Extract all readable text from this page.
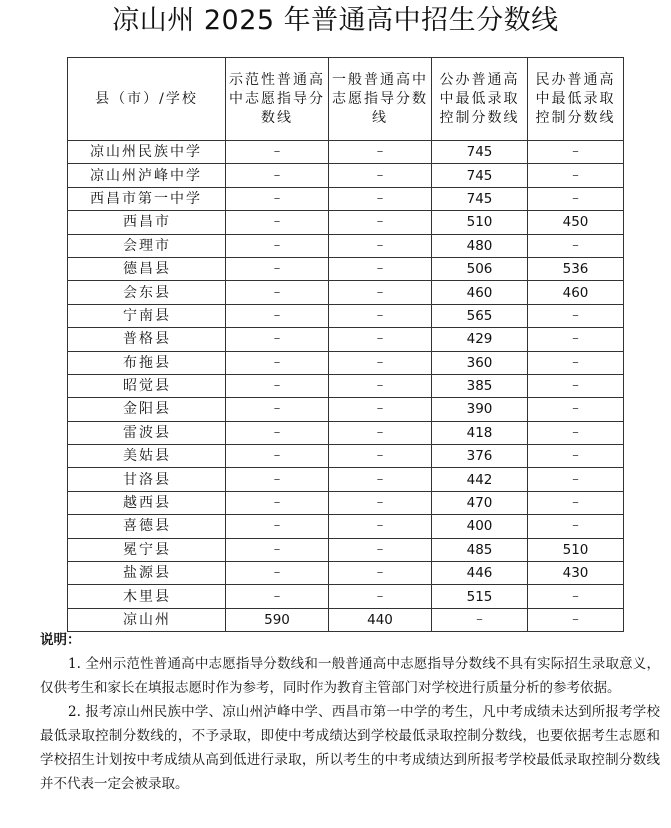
凉山州 2025 年普通高中招生分数线
县（市）/学校	示范性普通高中志愿指导分数线	一般普通高中志愿指导分数线	公办普通高中最低录取控制分数线	民办普通高中最低录取控制分数线
凉山州民族中学	–	–	745	–
凉山州泸峰中学	–	–	745	–
西昌市第一中学	–	–	745	–
西昌市	–	–	510	450
会理市	–	–	480	–
德昌县	–	–	506	536
会东县	–	–	460	460
宁南县	–	–	565	–
普格县	–	–	429	–
布拖县	–	–	360	–
昭觉县	–	–	385	–
金阳县	–	–	390	–
雷波县	–	–	418	–
美姑县	–	–	376	–
甘洛县	–	–	442	–
越西县	–	–	470	–
喜德县	–	–	400	–
冕宁县	–	–	485	510
盐源县	–	–	446	430
木里县	–	–	515	–
凉山州	590	440	–	–
说明：

1. 全州示范性普通高中志愿指导分数线和一般普通高中志愿指导分数线不具有实际招生录取意义，仅供考生和家长在填报志愿时作为参考，同时作为教育主管部门对学校进行质量分析的参考依据。

2. 报考凉山州民族中学、凉山州泸峰中学、西昌市第一中学的考生，凡中考成绩未达到所报考学校最低录取控制分数线的，不予录取，即使中考成绩达到学校最低录取控制分数线，也要依据考生志愿和学校招生计划按中考成绩从高到低进行录取，所以考生的中考成绩达到所报考学校最低录取控制分数线并不代表一定会被录取。
